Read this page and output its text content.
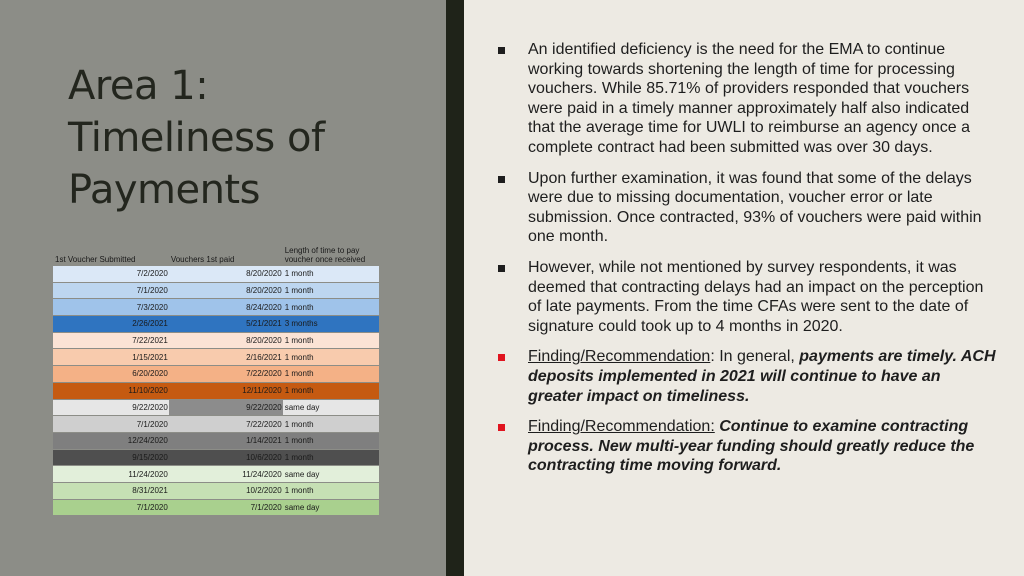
Area 1:
Timeliness of
Payments
1st Voucher Submitted	Vouchers 1st paid	Length of time to pay voucher once received
7/2/2020	8/20/2020	1 month
7/1/2020	8/20/2020	1 month
7/3/2020	8/24/2020	1 month
2/26/2021	5/21/2021	3 months
7/22/2021	8/20/2020	1 month
1/15/2021	2/16/2021	1 month
6/20/2020	7/22/2020	1 month
11/10/2020	12/11/2020	1 month
9/22/2020	9/22/2020	same day
7/1/2020	7/22/2020	1 month
12/24/2020	1/14/2021	1 month
9/15/2020	10/6/2020	1 month
11/24/2020	11/24/2020	same day
8/31/2021	10/2/2020	1 month
7/1/2020	7/1/2020	same day
An identified deficiency is the need for the EMA to continue working towards shortening the length of time for processing vouchers. While 85.71% of providers responded that vouchers were paid in a timely manner approximately half also indicated that the average time for UWLI to reimburse an agency once a complete contract had been submitted was over 30 days.
Upon further examination, it was found that some of the delays were due to missing documentation, voucher error or late submission. Once contracted, 93% of vouchers were paid within one month.
However, while not mentioned by survey respondents, it was deemed that contracting delays had an impact on the perception of late payments. From the time CFAs were sent to the date of signature could took up to 4 months in 2020.
Finding/Recommendation: In general, payments are timely. ACH deposits implemented in 2021 will continue to have an greater impact on timeliness.
Finding/Recommendation: Continue to examine contracting process. New multi-year funding should greatly reduce the contracting time moving forward.
